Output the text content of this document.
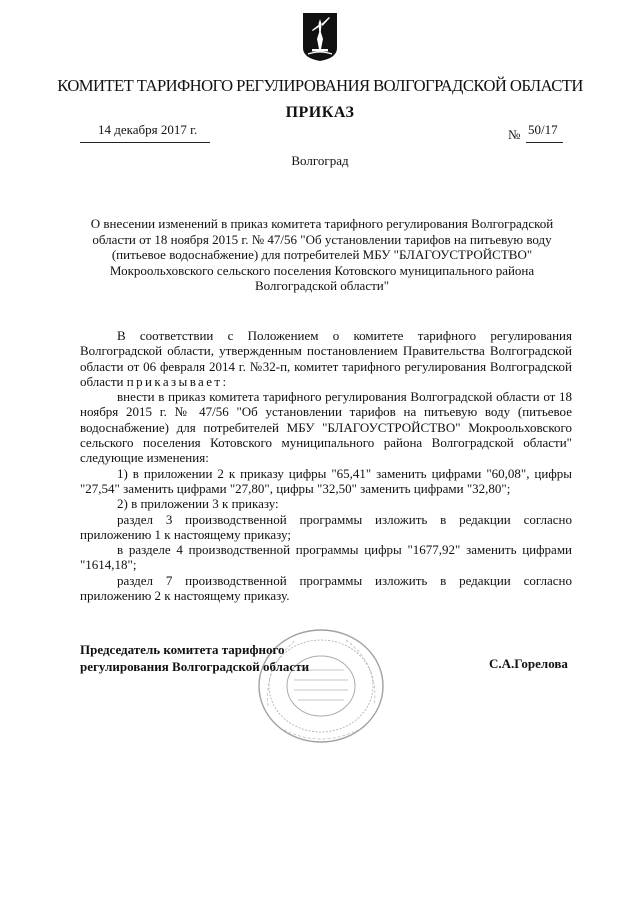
КОМИТЕТ ТАРИФНОГО РЕГУЛИРОВАНИЯ ВОЛГОГРАДСКОЙ ОБЛАСТИ
ПРИКАЗ
14 декабря 2017 г.	№ 50/17
Волгоград
О внесении изменений в приказ комитета тарифного регулирования Волгоградской области от 18 ноября 2015 г. № 47/56 "Об установлении тарифов на питьевую воду (питьевое водоснабжение) для потребителей МБУ "БЛАГОУСТРОЙСТВО" Мокроольховского сельского поселения Котовского муниципального района Волгоградской области"

В соответствии с Положением о комитете тарифного регулирования Волгоградской области, утвержденным постановлением Правительства Волгоградской области от 06 февраля 2014 г. №32-п, комитет тарифного регулирования Волгоградской области приказывает:

внести в приказ комитета тарифного регулирования Волгоградской области от 18 ноября 2015 г. № 47/56 "Об установлении тарифов на питьевую воду (питьевое водоснабжение) для потребителей МБУ "БЛАГОУСТРОЙСТВО" Мокроольховского сельского поселения Котовского муниципального района Волгоградской области" следующие изменения:

1) в приложении 2 к приказу цифры "65,41" заменить цифрами "60,08", цифры "27,54" заменить цифрами "27,80", цифры "32,50" заменить цифрами "32,80";

2) в приложении 3 к приказу:

раздел 3 производственной программы изложить в редакции согласно приложению 1 к настоящему приказу;

в разделе 4 производственной программы цифры "1677,92" заменить цифрами "1614,18";

раздел 7 производственной программы изложить в редакции согласно приложению 2 к настоящему приказу.

Председатель комитета тарифного
регулирования Волгоградской области	С.А.Горелова
